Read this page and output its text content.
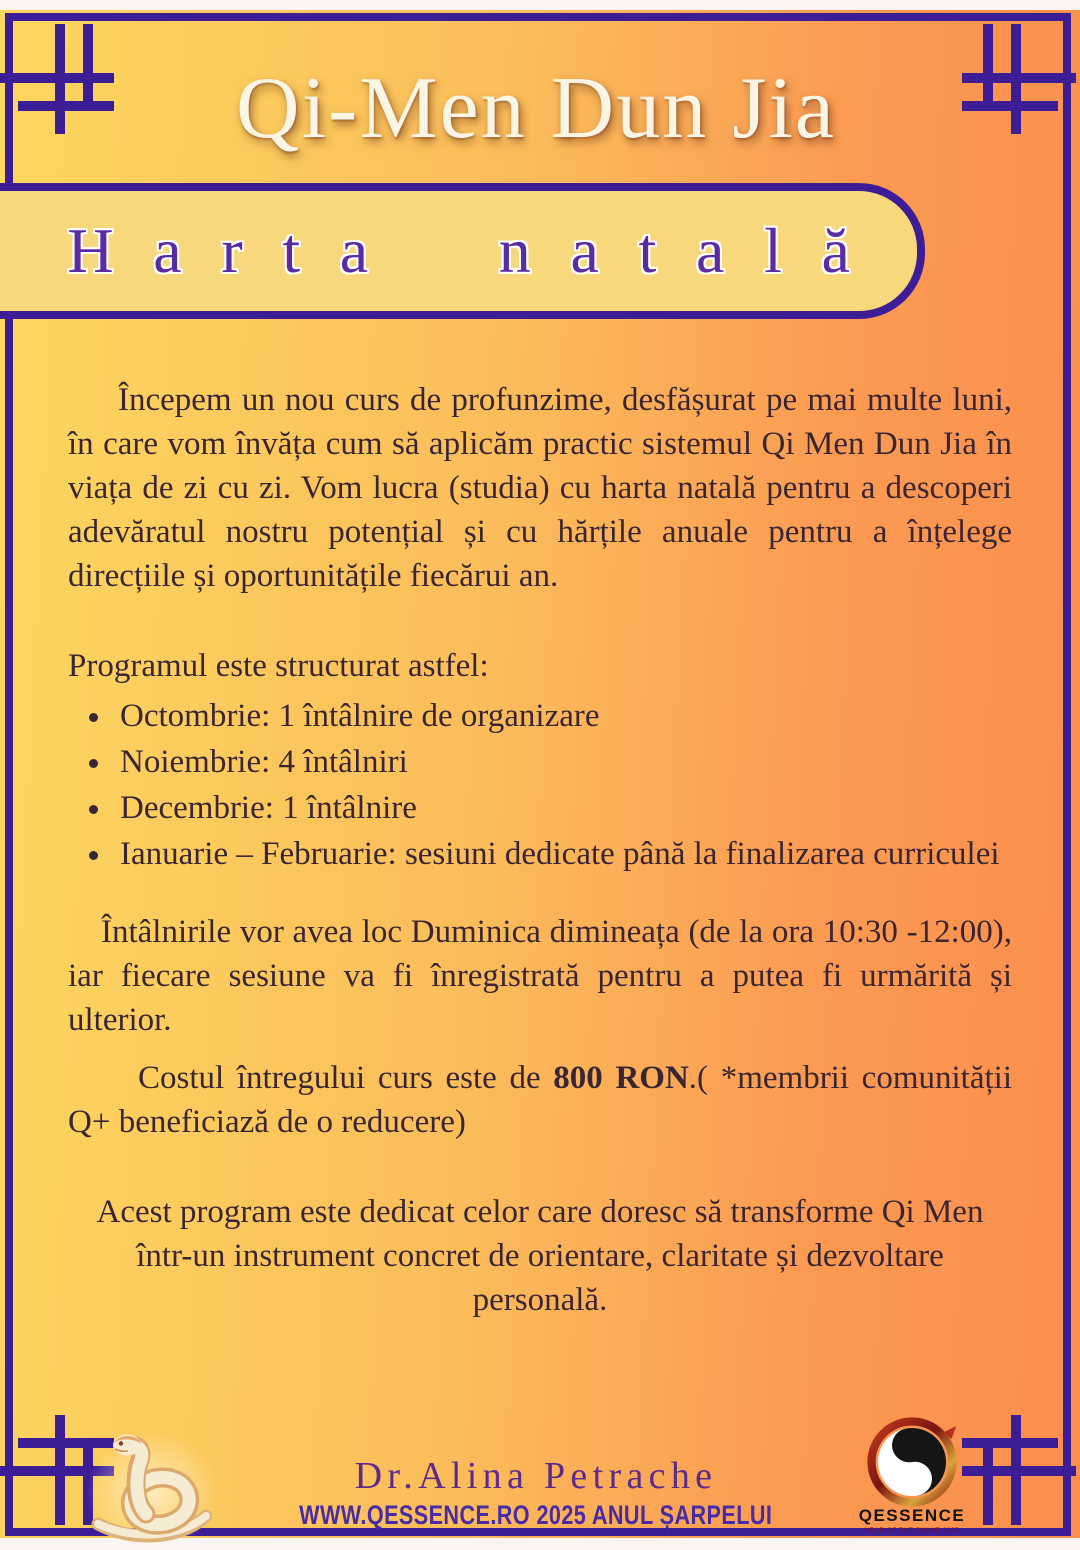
Qi-Men Dun Jia
Harta natală

Începem un nou curs de profunzime, desfășurat pe mai multe luni, în care vom învăța cum să aplicăm practic sistemul Qi Men Dun Jia în viața de zi cu zi. Vom lucra (studia) cu harta natală pentru a descoperi adevăratul nostru potențial și cu hărțile anuale pentru a înțelege direcțiile și oportunitățile fiecărui an.

Programul este structurat astfel:

• Octombrie: 1 întâlnire de organizare
• Noiembrie: 4 întâlniri
• Decembrie: 1 întâlnire
• Ianuarie – Februarie: sesiuni dedicate până la finalizarea curriculei

Întâlnirile vor avea loc Duminica dimineața (de la ora 10:30 -12:00), iar fiecare sesiune va fi înregistrată pentru a putea fi urmărită și ulterior.

Costul întregului curs este de 800 RON.( *membrii comunității Q+ beneficiază de o reducere)

Acest program este dedicat celor care doresc să transforme Qi Men într-un instrument concret de orientare, claritate și dezvoltare personală.

Dr.Alina Petrache
WWW.QESSENCE.RO 2025 ANUL ȘARPELUI	QESSENCE
YEAR OF THE SNAKE 2025
